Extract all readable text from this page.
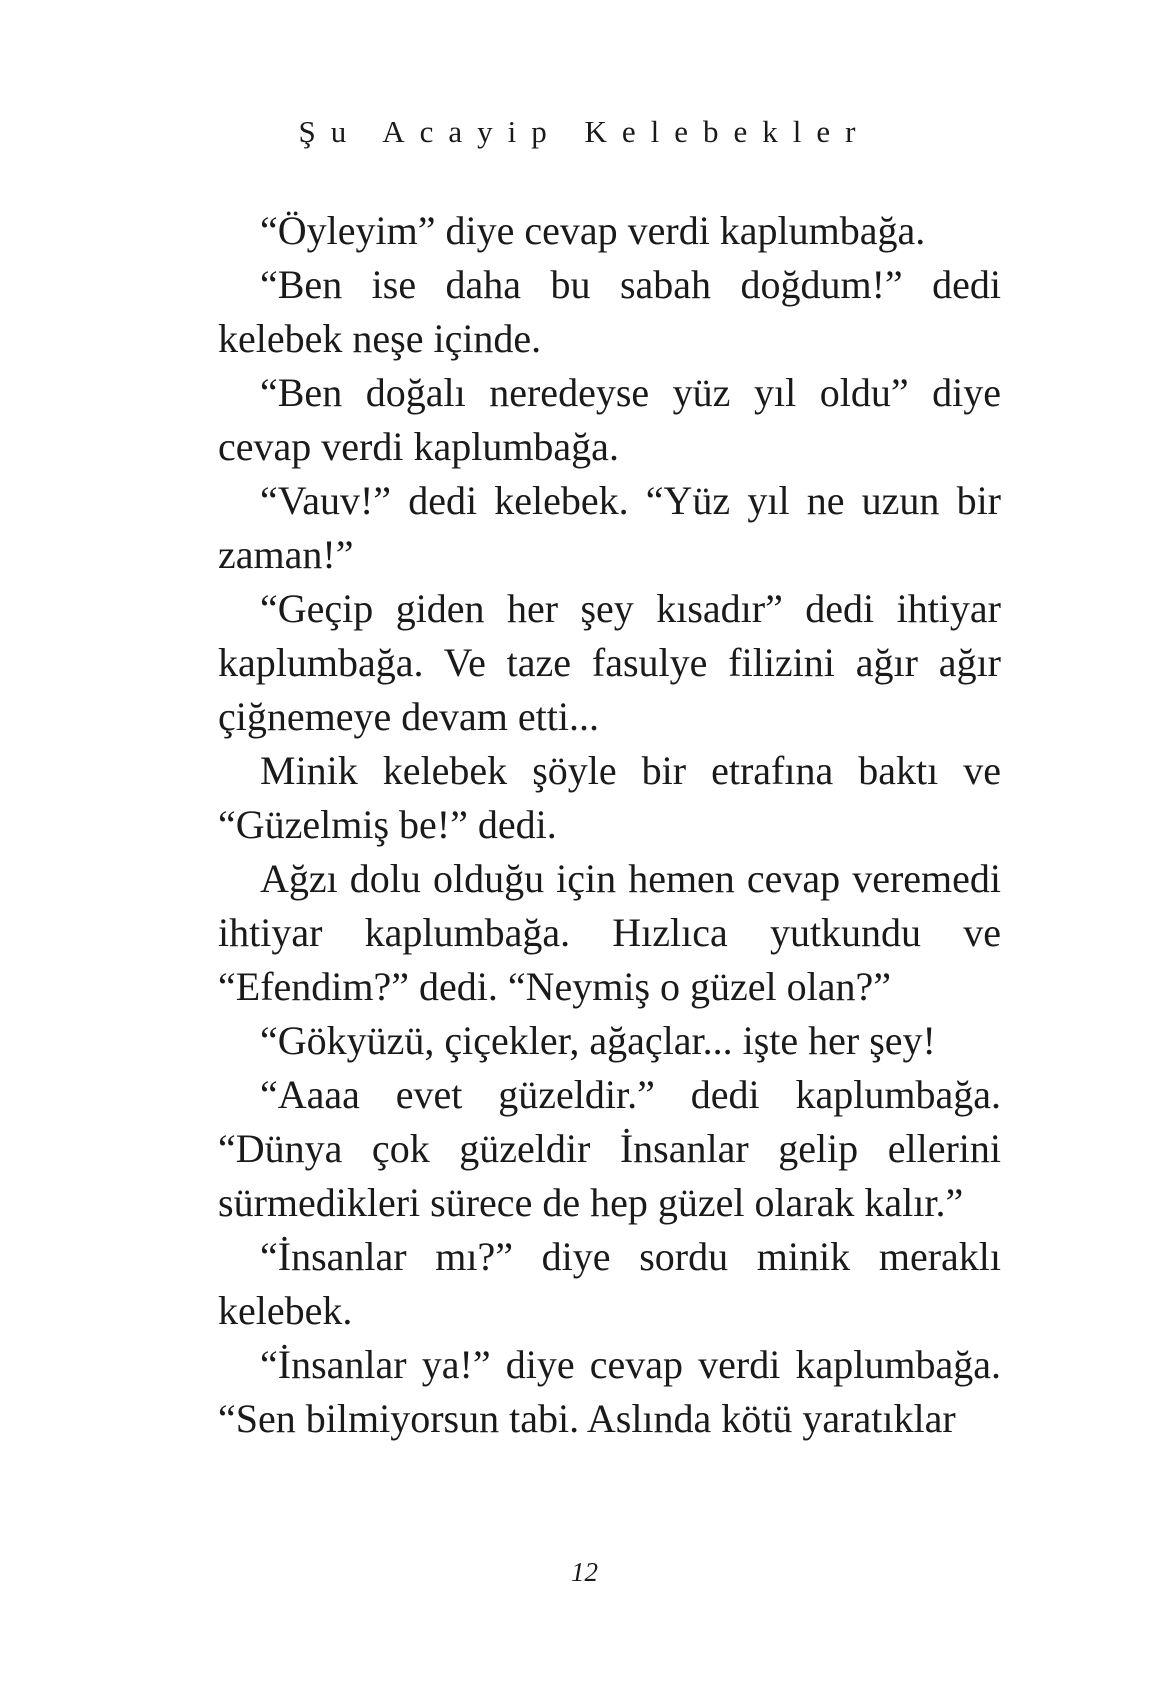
Şu Acayip Kelebekler

“Öyleyim” diye cevap verdi kaplumbağa.

“Ben ise daha bu sabah doğdum!” dedi kelebek neşe içinde.

“Ben doğalı neredeyse yüz yıl oldu” diye cevap verdi kaplumbağa.

“Vauv!” dedi kelebek. “Yüz yıl ne uzun bir zaman!”

“Geçip giden her şey kısadır” dedi ihtiyar kaplumbağa. Ve taze fasulye filizini ağır ağır çiğnemeye devam etti...

Minik kelebek şöyle bir etrafına baktı ve “Güzelmiş be!” dedi.

Ağzı dolu olduğu için hemen cevap veremedi ihtiyar kaplumbağa. Hızlıca yutkundu ve “Efendim?” dedi. “Neymiş o güzel olan?”

“Gökyüzü, çiçekler, ağaçlar... işte her şey!

“Aaaa evet güzeldir.” dedi kaplumbağa. “Dünya çok güzeldir İnsanlar gelip ellerini sürmedikleri sürece de hep güzel olarak kalır.”

“İnsanlar mı?” diye sordu minik meraklı kelebek.

“İnsanlar ya!” diye cevap verdi kaplumbağa. “Sen bilmiyorsun tabi. Aslında kötü yaratıklar

12
